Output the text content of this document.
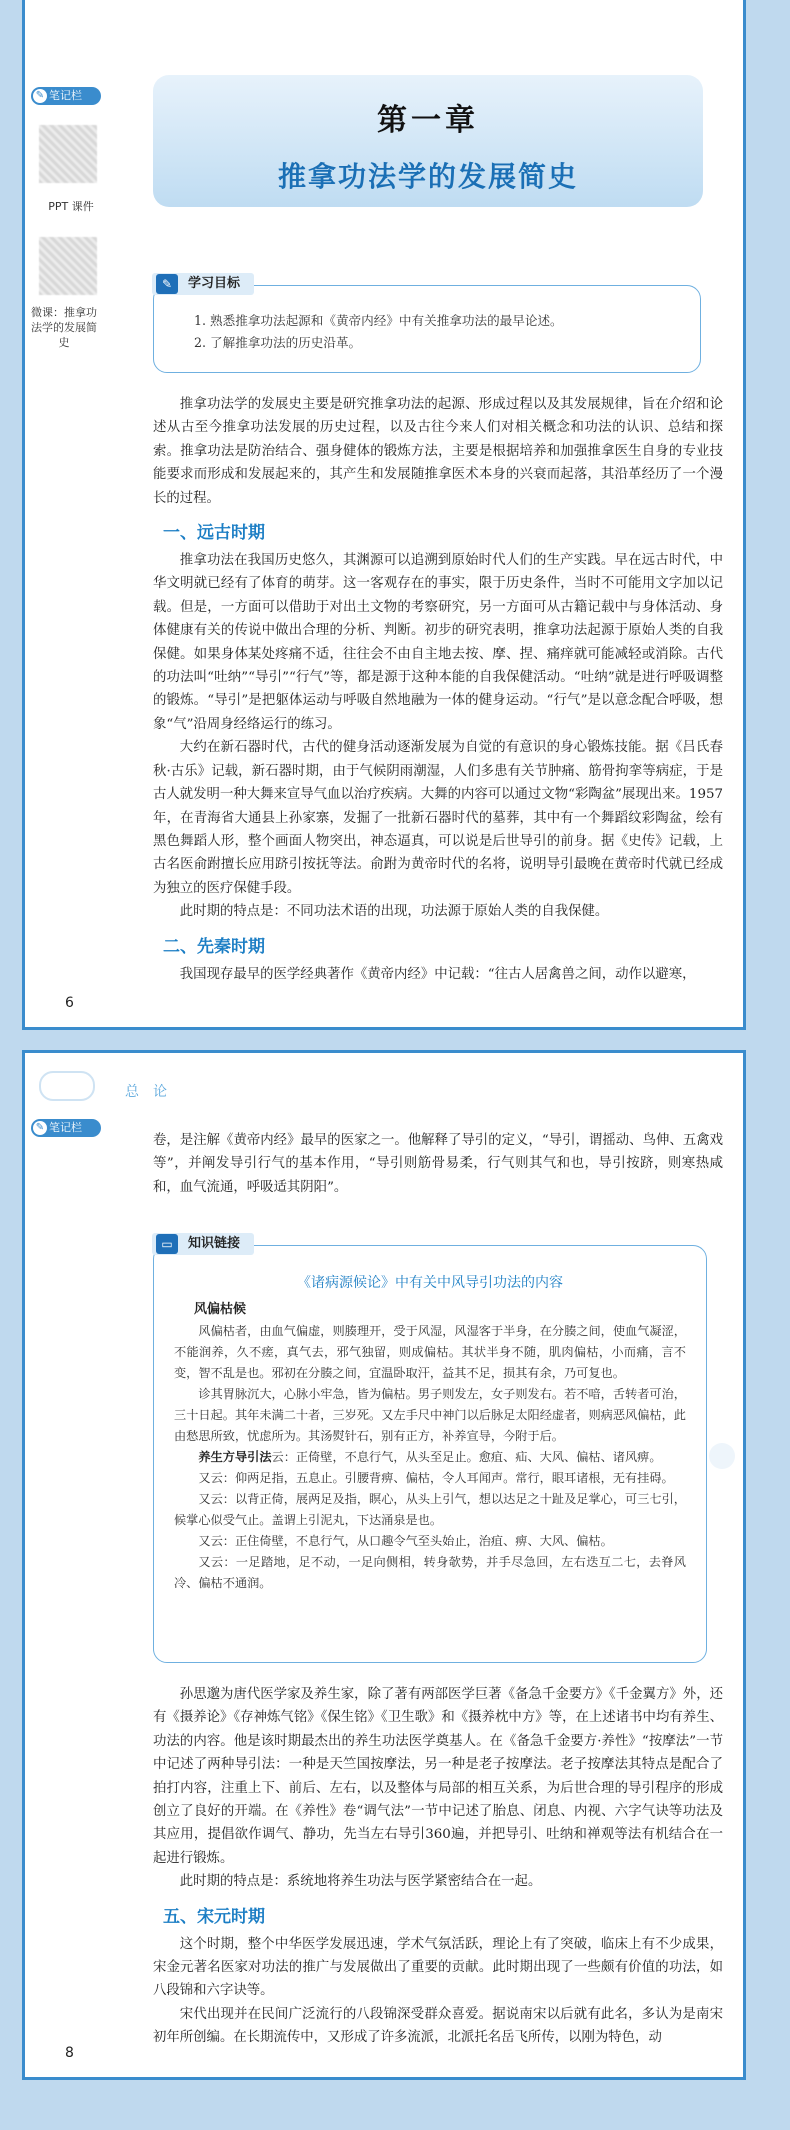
✎ 笔记栏
PPT 课件
微课：推拿功法学的发展简史
第一章
推拿功法学的发展简史
✎	学习目标
1. 熟悉推拿功法起源和《黄帝内经》中有关推拿功法的最早论述。
2. 了解推拿功法的历史沿革。

推拿功法学的发展史主要是研究推拿功法的起源、形成过程以及其发展规律，旨在介绍和论述从古至今推拿功法发展的历史过程，以及古往今来人们对相关概念和功法的认识、总结和探索。推拿功法是防治结合、强身健体的锻炼方法，主要是根据培养和加强推拿医生自身的专业技能要求而形成和发展起来的，其产生和发展随推拿医术本身的兴衰而起落，其沿革经历了一个漫长的过程。

一、远古时期

推拿功法在我国历史悠久，其渊源可以追溯到原始时代人们的生产实践。早在远古时代，中华文明就已经有了体育的萌芽。这一客观存在的事实，限于历史条件，当时不可能用文字加以记载。但是，一方面可以借助于对出土文物的考察研究，另一方面可从古籍记载中与身体活动、身体健康有关的传说中做出合理的分析、判断。初步的研究表明，推拿功法起源于原始人类的自我保健。如果身体某处疼痛不适，往往会不由自主地去按、摩、捏、痛痒就可能减轻或消除。古代的功法叫“吐纳”“导引”“行气”等，都是源于这种本能的自我保健活动。“吐纳”就是进行呼吸调整的锻炼。“导引”是把躯体运动与呼吸自然地融为一体的健身运动。“行气”是以意念配合呼吸，想象“气”沿周身经络运行的练习。

大约在新石器时代，古代的健身活动逐渐发展为自觉的有意识的身心锻炼技能。据《吕氏春秋·古乐》记载，新石器时期，由于气候阴雨潮湿，人们多患有关节肿痛、筋骨拘挛等病症，于是古人就发明一种大舞来宣导气血以治疗疾病。大舞的内容可以通过文物“彩陶盆”展现出来。1957年，在青海省大通县上孙家寨，发掘了一批新石器时代的墓葬，其中有一个舞蹈纹彩陶盆，绘有黑色舞蹈人形，整个画面人物突出，神态逼真，可以说是后世导引的前身。据《史传》记载，上古名医俞跗擅长应用跻引按抚等法。俞跗为黄帝时代的名将，说明导引最晚在黄帝时代就已经成为独立的医疗保健手段。

此时期的特点是：不同功法术语的出现，功法源于原始人类的自我保健。

二、先秦时期

我国现存最早的医学经典著作《黄帝内经》中记载：“往古人居禽兽之间，动作以避寒，

6
总论
✎ 笔记栏

卷，是注解《黄帝内经》最早的医家之一。他解释了导引的定义，“导引，谓摇动、鸟伸、五禽戏等”，并阐发导引行气的基本作用，“导引则筋骨易柔，行气则其气和也，导引按跻，则寒热咸和，血气流通，呼吸适其阴阳”。

▭	知识链接
《诸病源候论》中有关中风导引功法的内容
风偏枯候

风偏枯者，由血气偏虚，则腠理开，受于风湿，风湿客于半身，在分腠之间，使血气凝涩，不能润养，久不瘥，真气去，邪气独留，则成偏枯。其状半身不随，肌肉偏枯，小而痛，言不变，智不乱是也。邪初在分腠之间，宜温卧取汗，益其不足，损其有余，乃可复也。

诊其胃脉沉大，心脉小牢急，皆为偏枯。男子则发左，女子则发右。若不喑，舌转者可治，三十日起。其年未满二十者，三岁死。又左手尺中神门以后脉足太阳经虚者，则病恶风偏枯，此由愁思所致，忧虑所为。其汤熨针石，别有正方，补养宣导，今附于后。

养生方导引法云：正倚壁，不息行气，从头至足止。愈疽、疝、大风、偏枯、诸风痹。

又云：仰两足指，五息止。引腰背痹、偏枯，令人耳闻声。常行，眼耳诸根，无有挂碍。

又云：以背正倚，展两足及指，瞑心，从头上引气，想以达足之十趾及足掌心，可三七引，候掌心似受气止。盖谓上引泥丸，下达涌泉是也。

又云：正住倚壁，不息行气，从口趣令气至头始止，治疽、痹、大风、偏枯。

又云：一足踏地，足不动，一足向侧相，转身欹势，并手尽急回，左右迭互二七，去脊风冷、偏枯不通润。

孙思邈为唐代医学家及养生家，除了著有两部医学巨著《备急千金要方》《千金翼方》外，还有《摄养论》《存神炼气铭》《保生铭》《卫生歌》和《摄养枕中方》等，在上述诸书中均有养生、功法的内容。他是该时期最杰出的养生功法医学奠基人。在《备急千金要方·养性》“按摩法”一节中记述了两种导引法：一种是天竺国按摩法，另一种是老子按摩法。老子按摩法其特点是配合了拍打内容，注重上下、前后、左右，以及整体与局部的相互关系，为后世合理的导引程序的形成创立了良好的开端。在《养性》卷“调气法”一节中记述了胎息、闭息、内视、六字气诀等功法及其应用，提倡欲作调气、静功，先当左右导引360遍，并把导引、吐纳和禅观等法有机结合在一起进行锻炼。

此时期的特点是：系统地将养生功法与医学紧密结合在一起。

五、宋元时期

这个时期，整个中华医学发展迅速，学术气氛活跃，理论上有了突破，临床上有不少成果，宋金元著名医家对功法的推广与发展做出了重要的贡献。此时期出现了一些颇有价值的功法，如八段锦和六字诀等。

宋代出现并在民间广泛流行的八段锦深受群众喜爱。据说南宋以后就有此名，多认为是南宋初年所创编。在长期流传中，又形成了许多流派，北派托名岳飞所传，以刚为特色，动

8
